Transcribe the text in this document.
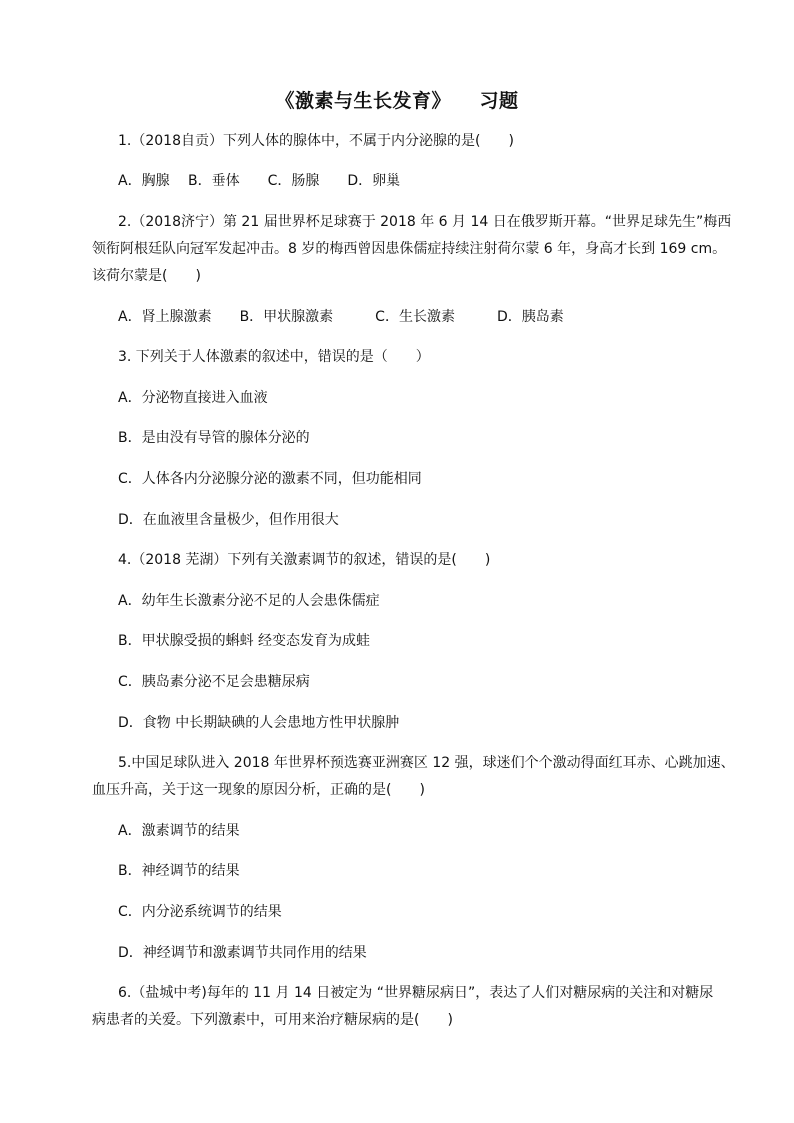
《激素与生长发育》    习题
1.（2018自贡）下列人体的腺体中，不属于内分泌腺的是(　　)
A．胸腺　 B．垂体　　C．肠腺　　D．卵巢
2.（2018济宁）第 21 届世界杯足球赛于 2018 年 6 月 14 日在俄罗斯开幕。“世界足球先生”梅西
领衔阿根廷队向冠军发起冲击。8 岁的梅西曾因患侏儒症持续注射荷尔蒙 6 年，身高才长到 169 cm。
该荷尔蒙是(　　)
A．肾上腺激素　　B．甲状腺激素　　　C．生长激素　　　D．胰岛素
3. 下列关于人体激素的叙述中，错误的是（　　）
A．分泌物直接进入血液
B．是由没有导管的腺体分泌的
C．人体各内分泌腺分泌的激素不同，但功能相同
D．在血液里含量极少，但作用很大
4.（2018 芜湖）下列有关激素调节的叙述，错误的是(　　)
A．幼年生长激素分泌不足的人会患侏儒症
B．甲状腺受损的蝌蚪 经变态发育为成蛙
C．胰岛素分泌不足会患糖尿病
D．食物 中长期缺碘的人会患地方性甲状腺肿
5.中国足球队进入 2018 年世界杯预选赛亚洲赛区 12 强，球迷们个个激动得面红耳赤、心跳加速、
血压升高，关于这一现象的原因分析，正确的是(　　)
A．激素调节的结果
B．神经调节的结果
C．内分泌系统调节的结果
D．神经调节和激素调节共同作用的结果
6.（盐城中考)每年的 11 月 14 日被定为 “世界糖尿病日”，表达了人们对糖尿病的关注和对糖尿
病患者的关爱。下列激素中，可用来治疗糖尿病的是(　　)
